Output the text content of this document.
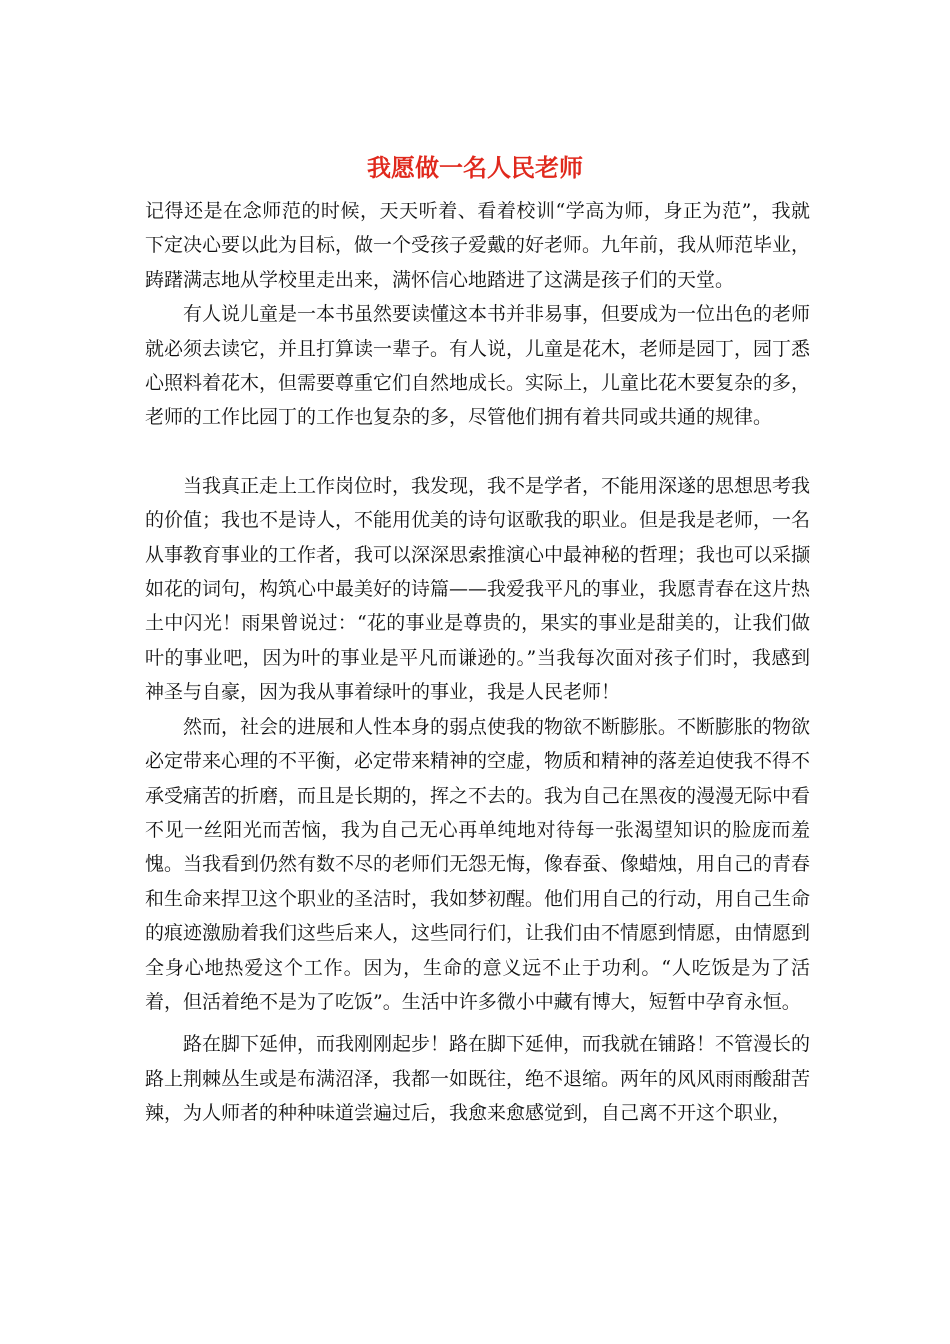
我愿做一名人民老师

记得还是在念师范的时候，天天听着、看着校训“学高为师，身正为范”，我就下定决心要以此为目标，做一个受孩子爱戴的好老师。九年前，我从师范毕业，踌躇满志地从学校里走出来，满怀信心地踏进了这满是孩子们的天堂。

有人说儿童是一本书虽然要读懂这本书并非易事，但要成为一位出色的老师就必须去读它，并且打算读一辈子。有人说，儿童是花木，老师是园丁，园丁悉心照料着花木，但需要尊重它们自然地成长。实际上，儿童比花木要复杂的多，老师的工作比园丁的工作也复杂的多，尽管他们拥有着共同或共通的规律。

当我真正走上工作岗位时，我发现，我不是学者，不能用深遂的思想思考我的价值；我也不是诗人，不能用优美的诗句讴歌我的职业。但是我是老师，一名从事教育事业的工作者，我可以深深思索推演心中最神秘的哲理；我也可以采撷如花的词句，构筑心中最美好的诗篇——我爱我平凡的事业，我愿青春在这片热土中闪光！雨果曾说过：“花的事业是尊贵的，果实的事业是甜美的，让我们做叶的事业吧，因为叶的事业是平凡而谦逊的。”当我每次面对孩子们时，我感到神圣与自豪，因为我从事着绿叶的事业，我是人民老师！

然而，社会的进展和人性本身的弱点使我的物欲不断膨胀。不断膨胀的物欲必定带来心理的不平衡，必定带来精神的空虚，物质和精神的落差迫使我不得不承受痛苦的折磨，而且是长期的，挥之不去的。我为自己在黑夜的漫漫无际中看不见一丝阳光而苦恼，我为自己无心再单纯地对待每一张渴望知识的脸庞而羞愧。当我看到仍然有数不尽的老师们无怨无悔，像春蚕、像蜡烛，用自己的青春和生命来捍卫这个职业的圣洁时，我如梦初醒。他们用自己的行动，用自己生命的痕迹激励着我们这些后来人，这些同行们，让我们由不情愿到情愿，由情愿到全身心地热爱这个工作。因为，生命的意义远不止于功利。“人吃饭是为了活着，但活着绝不是为了吃饭”。生活中许多微小中藏有博大，短暂中孕育永恒。

路在脚下延伸，而我刚刚起步！路在脚下延伸，而我就在铺路！不管漫长的路上荆棘丛生或是布满沼泽，我都一如既往，绝不退缩。两年的风风雨雨酸甜苦辣，为人师者的种种味道尝遍过后，我愈来愈感觉到，自己离不开这个职业，
